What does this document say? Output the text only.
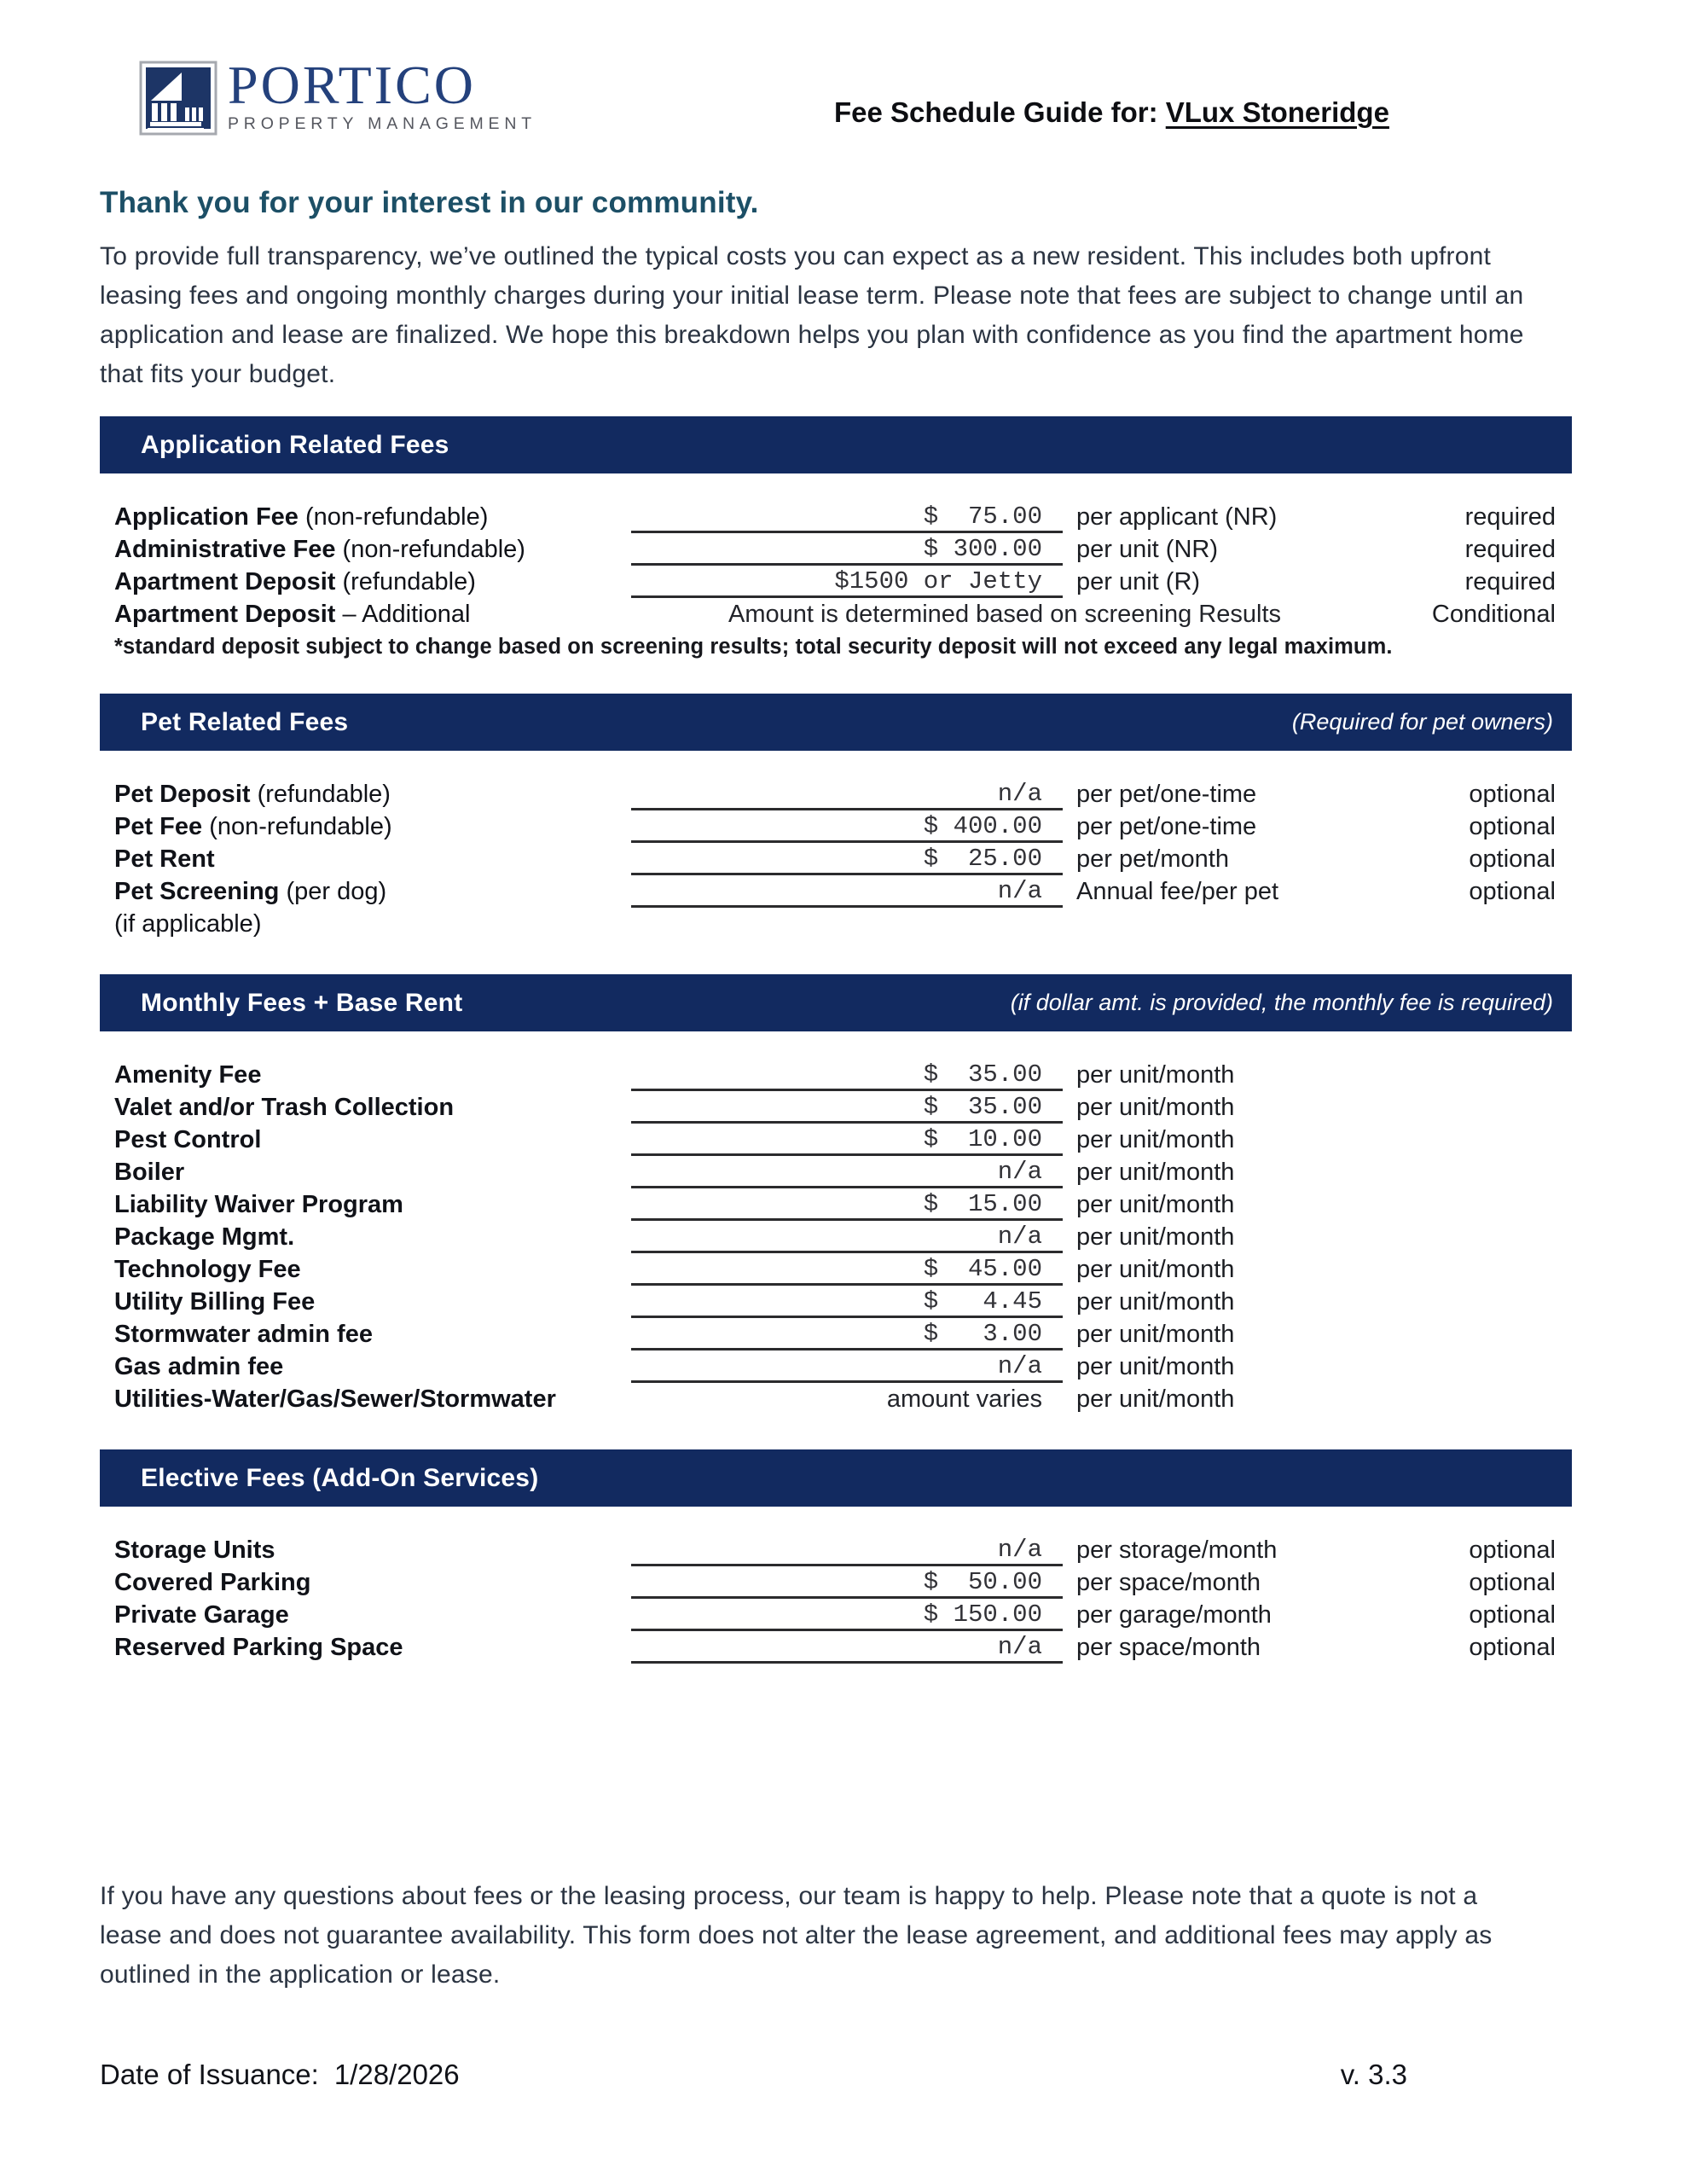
PORTICO
PROPERTY MANAGEMENT	Fee Schedule Guide for: VLux Stoneridge
Thank you for your interest in our community.

To provide full transparency, we’ve outlined the typical costs you can expect as a new resident. This includes both upfront leasing fees and ongoing monthly charges during your initial lease term. Please note that fees are subject to change until an application and lease are finalized. We hope this breakdown helps you plan with confidence as you find the apartment home that fits your budget.

Application Related Fees
Application Fee (non-refundable)	$  75.00	per applicant (NR)	required
Administrative Fee (non-refundable)	$ 300.00	per unit (NR)	required
Apartment Deposit (refundable)	$1500 or Jetty	per unit (R)	required
Apartment Deposit – Additional	Amount is determined based on screening Results	Conditional
*standard deposit subject to change based on screening results; total security deposit will not exceed any legal maximum.
Pet Related Fees	(Required for pet owners)
Pet Deposit (refundable)	n/a	per pet/one-time	optional
Pet Fee (non-refundable)	$ 400.00	per pet/one-time	optional
Pet Rent	$  25.00	per pet/month	optional
Pet Screening (per dog)	n/a	Annual fee/per pet	optional
(if applicable)
Monthly Fees + Base Rent	(if dollar amt. is provided, the monthly fee is required)
Amenity Fee	$  35.00	per unit/month
Valet and/or Trash Collection	$  35.00	per unit/month
Pest Control	$  10.00	per unit/month
Boiler	n/a	per unit/month
Liability Waiver Program	$  15.00	per unit/month
Package Mgmt.	n/a	per unit/month
Technology Fee	$  45.00	per unit/month
Utility Billing Fee	$   4.45	per unit/month
Stormwater admin fee	$   3.00	per unit/month
Gas admin fee	n/a	per unit/month
Utilities-Water/Gas/Sewer/Stormwater	amount varies	per unit/month
Elective Fees (Add-On Services)
Storage Units	n/a	per storage/month	optional
Covered Parking	$  50.00	per space/month	optional
Private Garage	$ 150.00	per garage/month	optional
Reserved Parking Space	n/a	per space/month	optional

If you have any questions about fees or the leasing process, our team is happy to help. Please note that a quote is not a lease and does not guarantee availability. This form does not alter the lease agreement, and additional fees may apply as outlined in the application or lease.

Date of Issuance: 1/28/2026	v. 3.3
